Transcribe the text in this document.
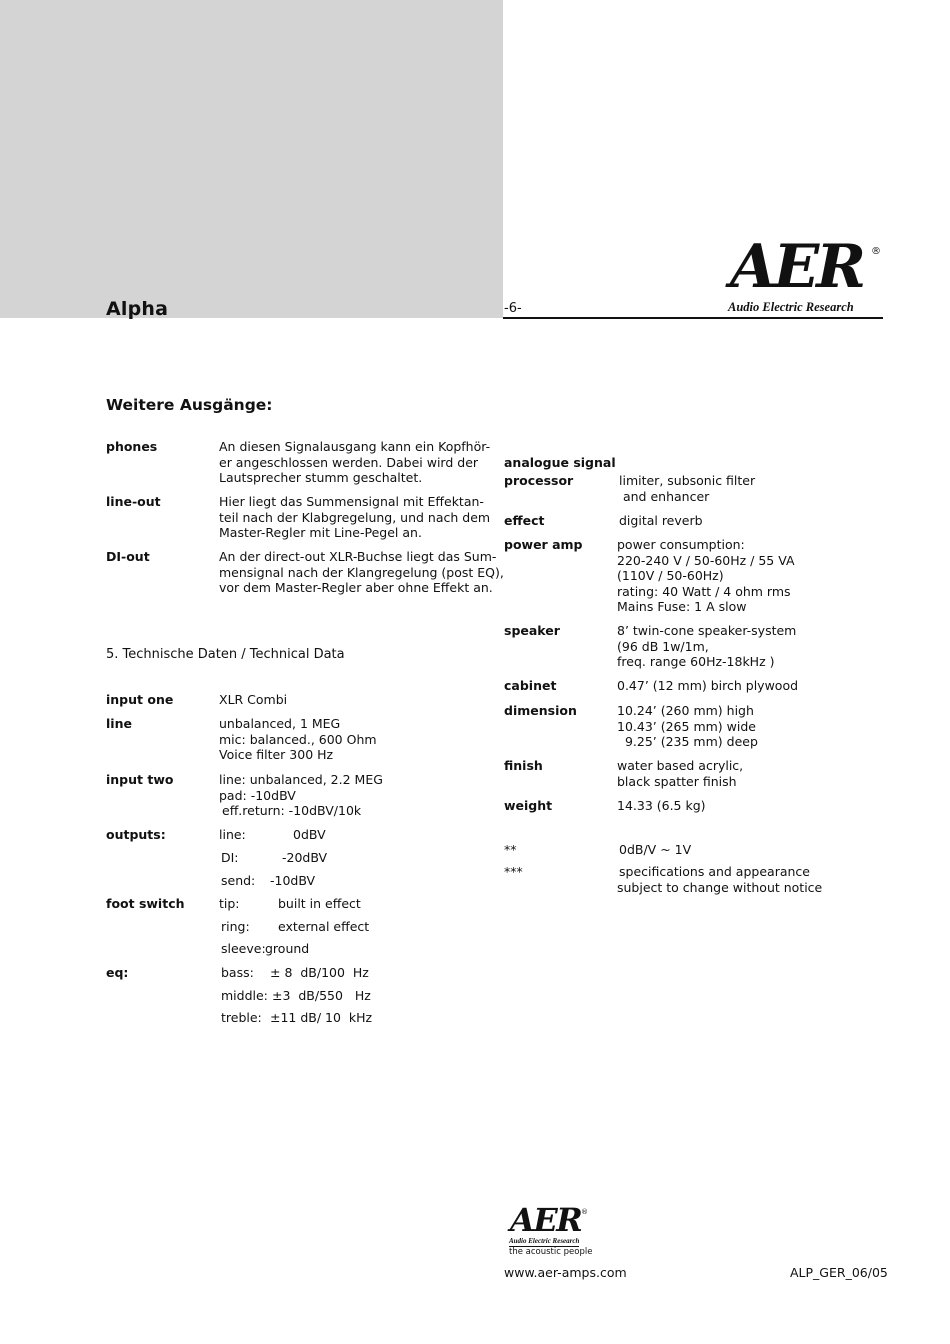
Alpha	-6-
AER ®
Audio Electric Research
Weitere Ausgänge:
phones	An diesen Signalausgang kann ein Kopfhör-
er angeschlossen werden. Dabei wird der
Lautsprecher stumm geschaltet.
line-out	Hier liegt das Summensignal mit Effektan-
teil nach der Klabgregelung, und nach dem
Master-Regler mit Line-Pegel an.
DI-out	An der direct-out XLR-Buchse liegt das Sum-
mensignal nach der Klangregelung (post EQ),
vor dem Master-Regler aber ohne Effekt an.
5. Technische Daten / Technical Data
input one	XLR Combi
line	unbalanced, 1 MEG
mic: balanced., 600 Ohm
Voice filter 300 Hz
input two	line: unbalanced, 2.2 MEG
pad: -10dBV
eff.return: -10dBV/10k
outputs:	line:	0dBV
DI:	-20dBV
send: -10dBV
foot switch	tip:	built in effect
ring: external effect
sleeve: ground
eq:	bass: ± 8  dB/100  Hz
middle: ±3  dB/550   Hz
treble: ±11 dB/ 10  kHz
analogue signal
processor	limiter, subsonic filter
and enhancer
effect	digital reverb
power amp	power consumption:
220-240 V / 50-60Hz / 55 VA
(110V / 50-60Hz)
rating: 40 Watt / 4 ohm rms
Mains Fuse: 1 A slow
speaker	8’ twin-cone speaker-system
(96 dB 1w/1m,
freq. range 60Hz-18kHz )
cabinet	0.47’ (12 mm) birch plywood
dimension	10.24’ (260 mm) high
10.43’ (265 mm) wide
9.25’ (235 mm) deep
finish	water based acrylic,
black spatter finish
weight	14.33 (6.5 kg)
**	0dB/V ~ 1V
***	specifications and appearance
subject to change without notice
AER ®
Audio Electric Research
the acoustic people
www.aer-amps.com	ALP_GER_06/05
